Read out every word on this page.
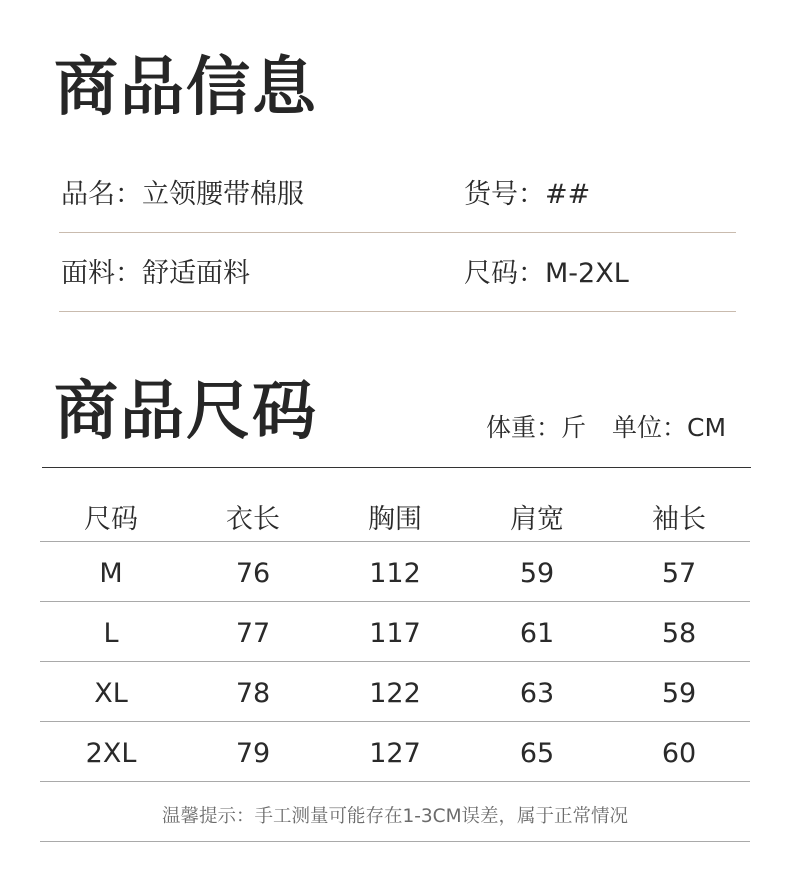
商品信息
品名：立领腰带棉服	货号：##
面料：舒适面料	尺码：M-2XL
商品尺码	体重：斤 单位：CM
尺码	衣长	胸围	肩宽	袖长
M	76	112	59	57
L	77	117	61	58
XL	78	122	63	59
2XL	79	127	65	60
温馨提示：手工测量可能存在1-3CM误差，属于正常情况
